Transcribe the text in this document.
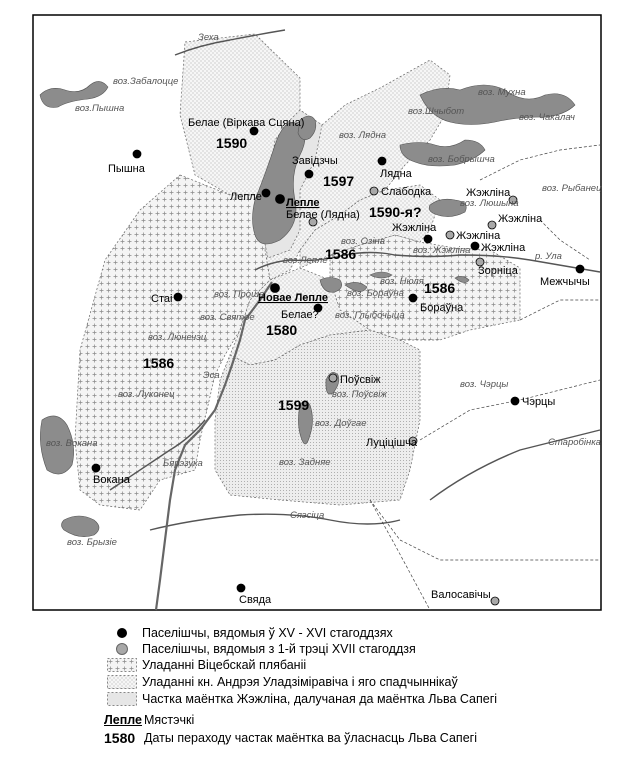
1590
1597
1590-я?
1586
1586
1586
1580
1599
Пышна
Белае (Віркава Сцяна)
Завідзчы
Лядна
Слабодка
Лепле Лепле
Белае (Лядна)
Жэжліна
Жэжліна
Жэжліна
Жэжліна
Жэжліна
Зорніца
Межчычы
Стаі	Новае Лепле
Белае?
Бораўна
Поўсвіж
Чэрцы
Луціцішча
Вокана
Свяда	Валосавічы
воз.Забалоцце
воз.Пышна
воз. Лядна
воз.Шчыбот
воз. Мухна
воз. Чакалач
воз. Бобрышча
воз. Люшына
воз. Рыбанец
воз.Лепле
воз. Озіна
воз. Жэжліна
р. Ула
воз. Проша
воз. Святое
воз. Бораўна
воз. Нюля
воз. Глыбочыца
воз. Люнечэц
воз. Луконец	воз. Поўсвіж
воз. Доўгае
воз. Задняе
воз. Чэрцы
Старобінка
воз. Вокана
Бярэзука
Сяэсіца
воз. Брызіе
Эса
Зеха
Паселішчы, вядомыя ў XV - XVI стагоддзях
Паселішчы, вядомыя з 1-й трэці XVII стагоддзя
Уладанні Віцебскай плябаніі
Уладанні кн. Андрэя Уладзіміравіча і яго спадчыннікаў
Частка маёнтка Жэжліна, далучаная да маёнтка Льва Сапегі
Лепле Мястэчкі
1580 Даты пераходу частак маёнтка ва ўласнасць Льва Сапегі
